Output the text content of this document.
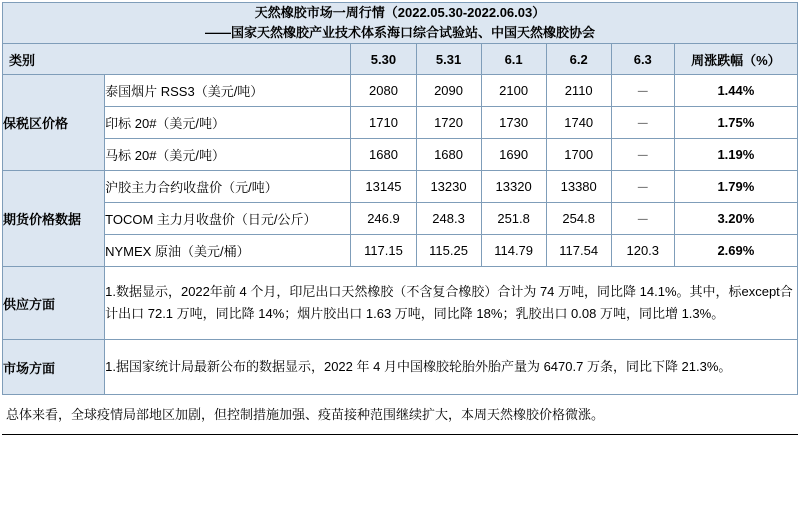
天然橡胶市场一周行情（2022.05.30-2022.06.03）
——国家天然橡胶产业技术体系海口综合试验站、中国天然橡胶协会							

类别		5.30	5.31	6.1	6.2	6.3	周涨跌幅（%）
保税区价格	泰国烟片 RSS3（美元/吨）	2080	2090	2100	2110	－	1.44%
	印标 20#（美元/吨）	1710	1720	1730	1740	－	1.75%
	马标 20#（美元/吨）	1680	1680	1690	1700	－	1.19%
期货价格数据	沪胶主力合约收盘价（元/吨）	13145	13230	13320	13380	－	1.79%
	TOCOM 主力月收盘价（日元/公斤）	246.9	248.3	251.8	254.8	－	3.20%
	NYMEX 原油（美元/桶）	117.15	115.25	114.79	117.54	120.3	2.69%
供应方面	1.数据显示，2022年前 4 个月，印尼出口天然橡胶（不含复合橡胶）合计为 74 万吨，同比降 14.1%。其中，标except合计出口 72.1 万吨，同比降 14%；烟片胶出口 1.63 万吨，同比降 18%；乳胶出口 0.08 万吨，同比增 1.3%。						
市场方面	1.据国家统计局最新公布的数据显示，2022 年 4 月中国橡胶轮胎外胎产量为 6470.7 万条，同比下降 21.3%。						
总体来看，全球疫情局部地区加剧，但控制措施加强、疫苗接种范围继续扩大，本周天然橡胶价格微涨。
